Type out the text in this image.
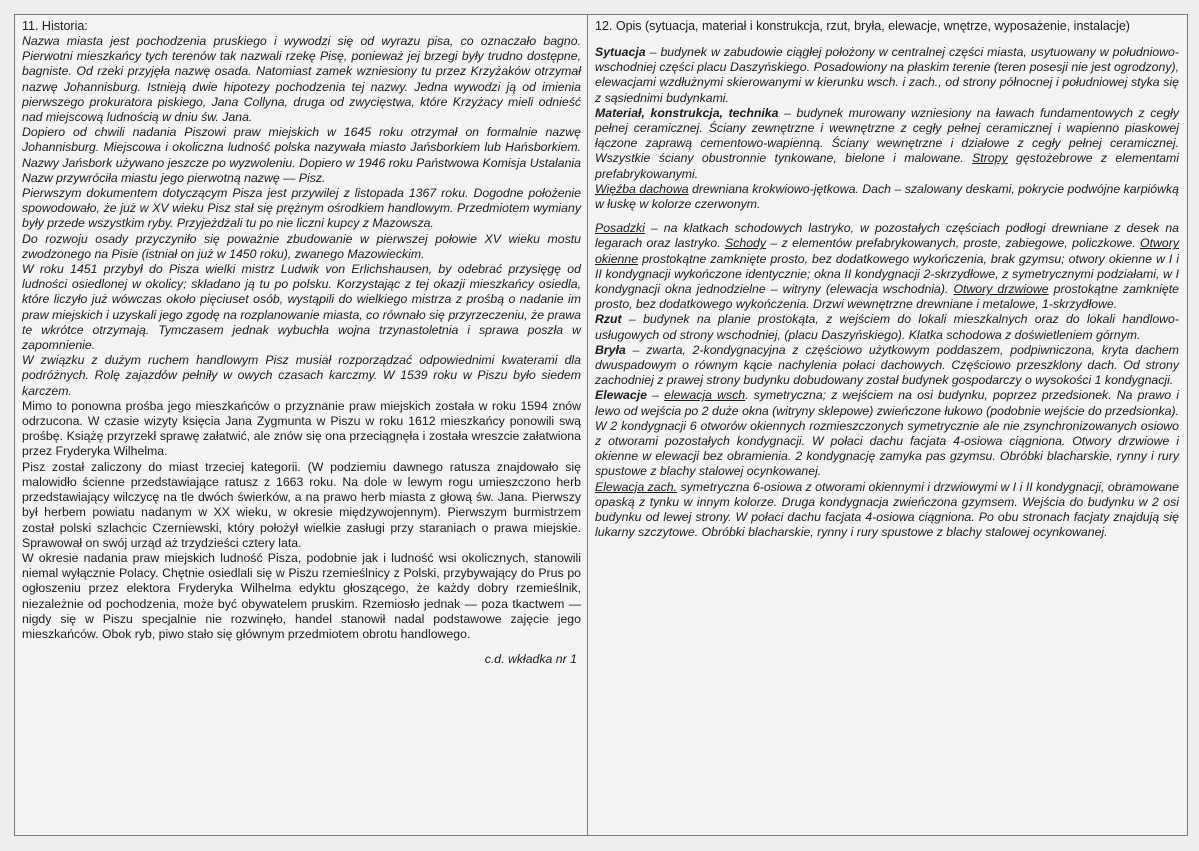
11. Historia:

Nazwa miasta jest pochodzenia pruskiego i wywodzi się od wyrazu pisa, co oznaczało bagno. Pierwotni mieszkańcy tych terenów tak nazwali rzekę Pisę, ponieważ jej brzegi były trudno dostępne, bagniste. Od rzeki przyjęła nazwę osada. Natomiast zamek wzniesiony tu przez Krzyżaków otrzymał nazwę Johannisburg. Istnieją dwie hipotezy pochodzenia tej nazwy. Jedna wywodzi ją od imienia pierwszego prokuratora piskiego, Jana Collyna, druga od zwycięstwa, które Krzyżacy mieli odnieść nad miejscową ludnością w dniu św. Jana.

Dopiero od chwili nadania Piszowi praw miejskich w 1645 roku otrzymał on formalnie nazwę Johannisburg. Miejscowa i okoliczna ludność polska nazywała miasto Jańsborkiem lub Hańsborkiem. Nazwy Jańsbork używano jeszcze po wyzwoleniu. Dopiero w 1946 roku Państwowa Komisja Ustalania Nazw przywróciła miastu jego pierwotną nazwę — Pisz.

Pierwszym dokumentem dotyczącym Pisza jest przywilej z listopada 1367 roku. Dogodne położenie spowodowało, że już w XV wieku Pisz stał się prężnym ośrodkiem handlowym. Przedmiotem wymiany były przede wszystkim ryby. Przyjeżdżali tu po nie liczni kupcy z Mazowsza.

Do rozwoju osady przyczyniło się poważnie zbudowanie w pierwszej połowie XV wieku mostu zwodzonego na Pisie (istniał on już w 1450 roku), zwanego Mazowieckim.

W roku 1451 przybył do Pisza wielki mistrz Ludwik von Erlichshausen, by odebrać przysięgę od ludności osiedlonej w okolicy; składano ją tu po polsku. Korzystając z tej okazji mieszkańcy osiedla, które liczyło już wówczas około pięciuset osób, wystąpili do wielkiego mistrza z prośbą o nadanie im praw miejskich i uzyskali jego zgodę na rozplanowanie miasta, co równało się przyrzeczeniu, że prawa te wkrótce otrzymają. Tymczasem jednak wybuchła wojna trzynastoletnia i sprawa poszła w zapomnienie.

W związku z dużym ruchem handlowym Pisz musiał rozporządzać odpowiednimi kwaterami dla podróżnych. Rolę zajazdów pełniły w owych czasach karczmy. W 1539 roku w Piszu było siedem karczem.

Mimo to ponowna prośba jego mieszkańców o przyznanie praw miejskich została w roku 1594 znów odrzucona. W czasie wizyty księcia Jana Zygmunta w Piszu w roku 1612 mieszkańcy ponowili swą prośbę. Książę przyrzekł sprawę załatwić, ale znów się ona przeciągnęła i została wreszcie załatwiona przez Fryderyka Wilhelma.

Pisz został zaliczony do miast trzeciej kategorii. (W podziemiu dawnego ratusza znajdowało się malowidło ścienne przedstawiające ratusz z 1663 roku. Na dole w lewym rogu umieszczono herb przedstawiający wilczycę na tle dwóch świerków, a na prawo herb miasta z głową św. Jana. Pierwszy był herbem powiatu nadanym w XX wieku, w okresie międzywojennym). Pierwszym burmistrzem został polski szlachcic Czerniewski, który położył wielkie zasługi przy staraniach o prawa miejskie. Sprawował on swój urząd aż trzydzieści cztery lata.

W okresie nadania praw miejskich ludność Pisza, podobnie jak i ludność wsi okolicznych, stanowili niemal wyłącznie Polacy. Chętnie osiedlali się w Piszu rzemieślnicy z Polski, przybywający do Prus po ogłoszeniu przez elektora Fryderyka Wilhelma edyktu głoszącego, że każdy dobry rzemieślnik, niezależnie od pochodzenia, może być obywatelem pruskim. Rzemiosło jednak — poza tkactwem — nigdy się w Piszu specjalnie nie rozwinęło, handel stanowił nadal podstawowe zajęcie jego mieszkańców. Obok ryb, piwo stało się głównym przedmiotem obrotu handlowego.

c.d. wkładka nr 1

12. Opis (sytuacja, materiał i konstrukcja, rzut, bryła, elewacje, wnętrze, wyposażenie, instalacje)

Sytuacja – budynek w zabudowie ciągłej położony w centralnej części miasta, usytuowany w południowo-wschodniej części placu Daszyńskiego. Posadowiony na płaskim terenie (teren posesji nie jest ogrodzony), elewacjami wzdłużnymi skierowanymi w kierunku wsch. i zach., od strony północnej i południowej styka się z sąsiednimi budynkami.

Materiał, konstrukcja, technika – budynek murowany wzniesiony na ławach fundamentowych z cegły pełnej ceramicznej. Ściany zewnętrzne i wewnętrzne z cegły pełnej ceramicznej i wapienno piaskowej łączone zaprawą cementowo-wapienną. Ściany wewnętrzne i działowe z cegły pełnej ceramicznej. Wszystkie ściany obustronnie tynkowane, bielone i malowane. Stropy gęstożebrowe z elementami prefabrykowanymi.
Więźba dachowa drewniana krokwiowo-jętkowa. Dach – szalowany deskami, pokrycie podwójne karpiówką w łuskę w kolorze czerwonym.

Posadzki – na klatkach schodowych lastryko, w pozostałych częściach podłogi drewniane z desek na legarach oraz lastryko. Schody – z elementów prefabrykowanych, proste, zabiegowe, policzkowe. Otwory okienne prostokątne zamknięte prosto, bez dodatkowego wykończenia, brak gzymsu; otwory okienne w I i II kondygnacji wykończone identycznie; okna II kondygnacji 2-skrzydłowe, z symetrycznymi podziałami, w I kondygnacji okna jednodzielne – witryny (elewacja wschodnia). Otwory drzwiowe prostokątne zamknięte prosto, bez dodatkowego wykończenia. Drzwi wewnętrzne drewniane i metalowe, 1-skrzydłowe.

Rzut – budynek na planie prostokąta, z wejściem do lokali mieszkalnych oraz do lokali handlowo-usługowych od strony wschodniej, (placu Daszyńskiego). Klatka schodowa z doświetleniem górnym.

Bryła – zwarta, 2-kondygnacyjna z częściowo użytkowym poddaszem, podpiwniczona, kryta dachem dwuspadowym o równym kącie nachylenia połaci dachowych. Częściowo przeszklony dach. Od strony zachodniej z prawej strony budynku dobudowany został budynek gospodarczy o wysokości 1 kondygnacji.

Elewacje – elewacja wsch. symetryczna; z wejściem na osi budynku, poprzez przedsionek. Na prawo i lewo od wejścia po 2 duże okna (witryny sklepowe) zwieńczone łukowo (podobnie wejście do przedsionka). W 2 kondygnacji 6 otworów okiennych rozmieszczonych symetrycznie ale nie zsynchronizowanych osiowo z otworami pozostałych kondygnacji. W połaci dachu facjata 4-osiowa ciągniona. Otwory drzwiowe i okienne w elewacji bez obramienia. 2 kondygnację zamyka pas gzymsu. Obróbki blacharskie, rynny i rury spustowe z blachy stalowej ocynkowanej.
Elewacja zach. symetryczna 6-osiowa z otworami okiennymi i drzwiowymi w I i II kondygnacji, obramowane opaską z tynku w innym kolorze. Druga kondygnacja zwieńczona gzymsem. Wejścia do budynku w 2 osi budynku od lewej strony. W połaci dachu facjata 4-osiowa ciągniona. Po obu stronach facjaty znajdują się lukarny szczytowe. Obróbki blacharskie, rynny i rury spustowe z blachy stalowej ocynkowanej.
